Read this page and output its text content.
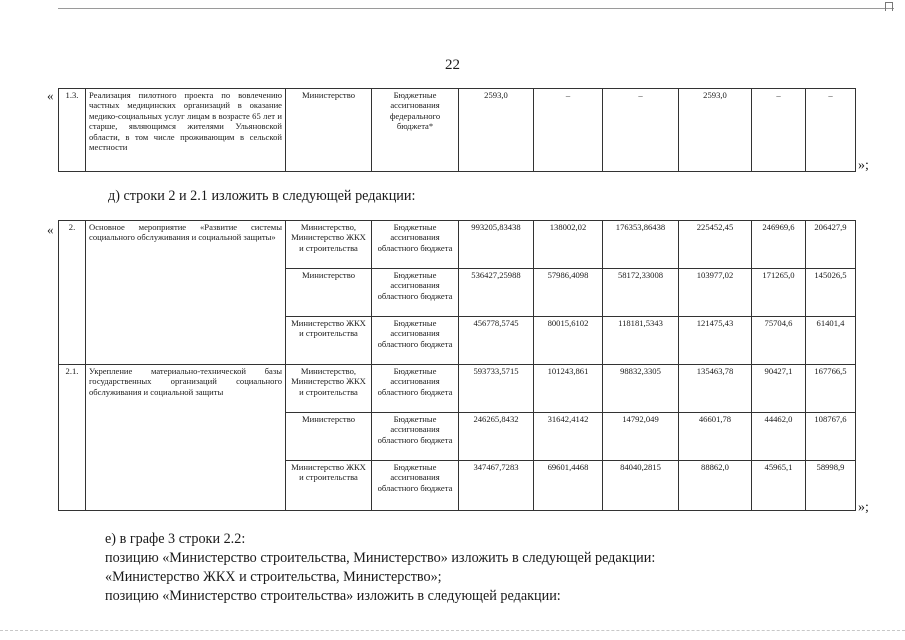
22
« 1.3.	Реализация пилотного проекта по вовлечению частных медицинских организаций в оказание медико-социальных услуг лицам в возрасте 65 лет и старше, являющимся жителями Ульяновской области, в том числе проживающим в сельской местности	Министерство	Бюджетные ассигнования федерального бюджета*	2593,0	–	–	2593,0	–	–
»;
д) строки 2 и 2.1 изложить в следующей редакции:
« 2.	Основное мероприятие «Развитие системы социального обслуживания и социальной защиты»	Министерство, Министерство ЖКХ и строительства	Бюджетные ассигнования областного бюджета	993205,83438	138002,02	176353,86438	225452,45	246969,6	206427,9
		Министерство	Бюджетные ассигнования областного бюджета	536427,25988	57986,4098	58172,33008	103977,02	171265,0	145026,5
		Министерство ЖКХ и строительства	Бюджетные ассигнования областного бюджета	456778,5745	80015,6102	118181,5343	121475,43	75704,6	61401,4
2.1.	Укрепление материально-технической базы государственных организаций социального обслуживания и социальной защиты	Министерство, Министерство ЖКХ и строительства	Бюджетные ассигнования областного бюджета	593733,5715	101243,861	98832,3305	135463,78	90427,1	167766,5
		Министерство	Бюджетные ассигнования областного бюджета	246265,8432	31642,4142	14792,049	46601,78	44462,0	108767,6
		Министерство ЖКХ и строительства	Бюджетные ассигнования областного бюджета	347467,7283	69601,4468	84040,2815	88862,0	45965,1	58998,9
»;
е) в графе 3 строки 2.2:
позицию «Министерство строительства, Министерство» изложить в следующей редакции:
«Министерство ЖКХ и строительства, Министерство»;
позицию «Министерство строительства» изложить в следующей редакции:
